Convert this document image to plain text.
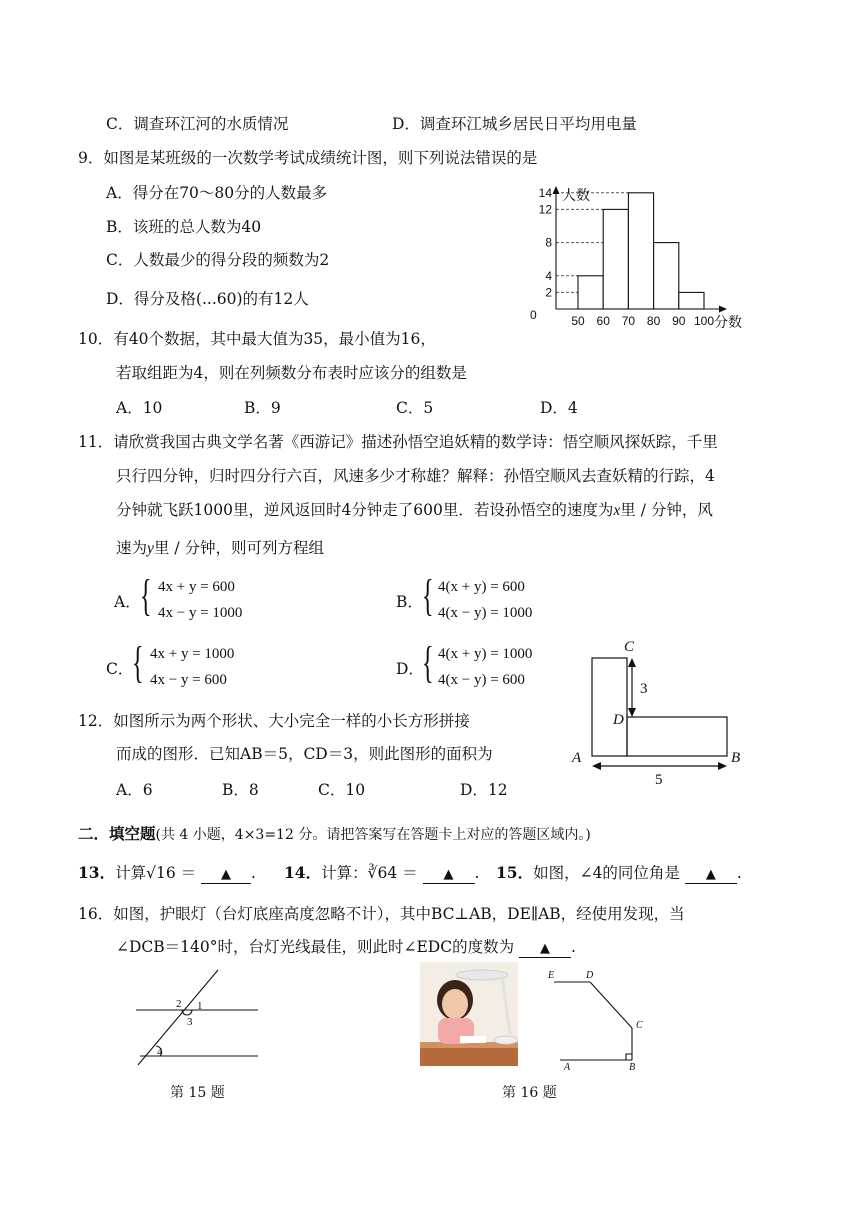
C．调查环江河的水质情况	D．调查环江城乡居民日平均用电量
9．如图是某班级的一次数学考试成绩统计图，则下列说法错误的是
A．得分在70～80分的人数最多
B．该班的总人数为40
C．人数最少的得分段的频数为2
D．得分及格(...60)的有12人	2
4
8
12
14
0	50 60 70 80 90 100
人数
分数
10．有40个数据，其中最大值为35，最小值为16，
若取组距为4，则在列频数分布表时应该分的组数是
A．10	B．9	C．5	D．4
11．请欣赏我国古典文学名著《西游记》描述孙悟空追妖精的数学诗：悟空顺风探妖踪，千里
只行四分钟，归时四分行六百，风速多少才称雄？解释：孙悟空顺风去查妖精的行踪，4
分钟就飞跃1000里，逆风返回时4分钟走了600里．若设孙悟空的速度为x里 / 分钟，风
速为y里 / 分钟，则可列方程组
A． { 4x + y = 600
4x − y = 1000
B． { 4(x + y) = 600
4(x − y) = 1000
C．
{ 4x + y = 1000
4x − y = 600
D．
{ 4(x + y) = 1000
4(x − y) = 600
12．如图所示为两个形状、大小完全一样的小长方形拼接
而成的图形．已知AB＝5，CD＝3，则此图形的面积为
A．6	B．8	C．10	D．12
C
D
A	B
3
5
二．填空题(共 4 小题，4×3=12 分。请把答案写在答题卡上对应的答题区域内。)
13．计算√16 ＝ ▲ . 14．计算：∛64 ＝ ▲ . 15．如图，∠4的同位角是 ▲ .
16．如图，护眼灯（台灯底座高度忽略不计），其中BC⊥AB，DE∥AB，经使用发现，当
∠DCB＝140°时，台灯光线最佳，则此时∠EDC的度数为 ▲ .
2 1
3
4
第 15 题
E	D
C
A	B
第 16 题
